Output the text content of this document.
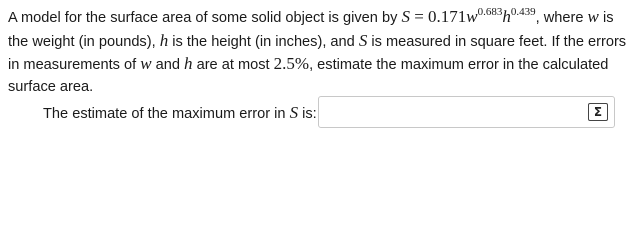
A model for the surface area of some solid object is given by $S = 0.171w^{0.683}h^{0.439}$, where w is the weight (in pounds), h is the height (in inches), and S is measured in square feet. If the errors in measurements of w and h are at most 2.5%, estimate the maximum error in the calculated surface area.

The estimate of the maximum error in S is:	Σ
